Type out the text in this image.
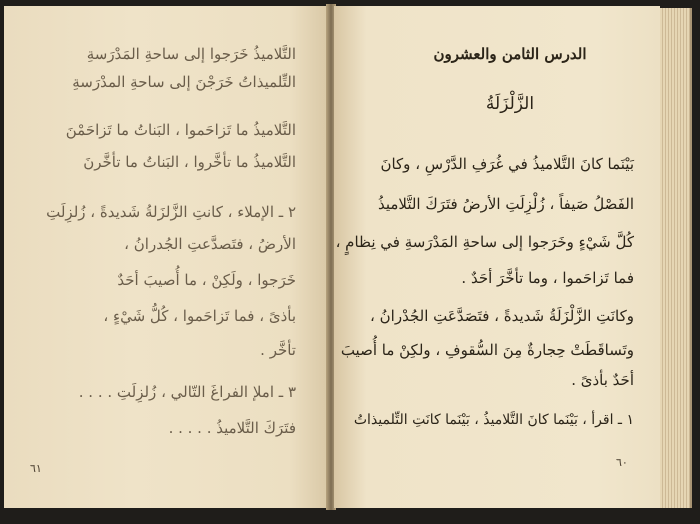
التَّلاميذُ خَرَجوا إلى ساحةِ المَدْرَسةِ
التِّلميذاتُ خَرَجْنَ إلى ساحةِ المدْرَسةِ
التَّلاميذُ ما تَزاحَموا ، البَناتُ ما تَزاحَمْنَ
التَّلاميذُ ما تأخَّروا ، البَناتُ ما تأخَّرنَ
٢ ـ الإملاء ، كانتِ الزَّلزَلةُ شَديدةً ، زُلزِلَتِ
الأرضُ ، فتَصدَّعتِ الجُدرانُ ،
خَرَجوا ، ولَكِنْ ، ما أُصيبَ أحَدٌ
بأذىً ، فما تَزاحَموا ، كُلُّ شَيْءٍ ،
تأخَّر .
٣ ـ املإ الفراغَ التّالي ، زُلزِلَتِ . . . .
فتَرَكَ التَّلاميذُ . . . . .
٦١
الدرس الثامن والعشرون
الزَّلْزَلَةُ
بَيْنَما كانَ التَّلاميذُ في غُرَفِ الدَّرْسِ ، وكانَ
الفَصْلُ صَيفاً ، زُلْزِلَتِ الأرضُ فتَرَكَ التَّلاميذُ
كُلَّ شَيْءٍ وخَرَجوا إلى ساحةِ المَدْرَسةِ في نِظامٍ ،
فما تَزاحَموا ، وما تأخَّرَ أحَدٌ .
وكانَتِ الزَّلْزَلَةُ شَديدةً ، فتَصَدَّعَتِ الجُدْرانُ ،
وتَساقَطَتْ حِجارةٌ مِنَ السُّقوفِ ، ولكِنْ ما أُصيبَ
أحَدٌ بأذىً .
١ ـ اقرأ ، بَيْنَما كانَ التَّلاميذُ ، بَيْنَما كانَتِ التِّلميذاتُ
٦٠
